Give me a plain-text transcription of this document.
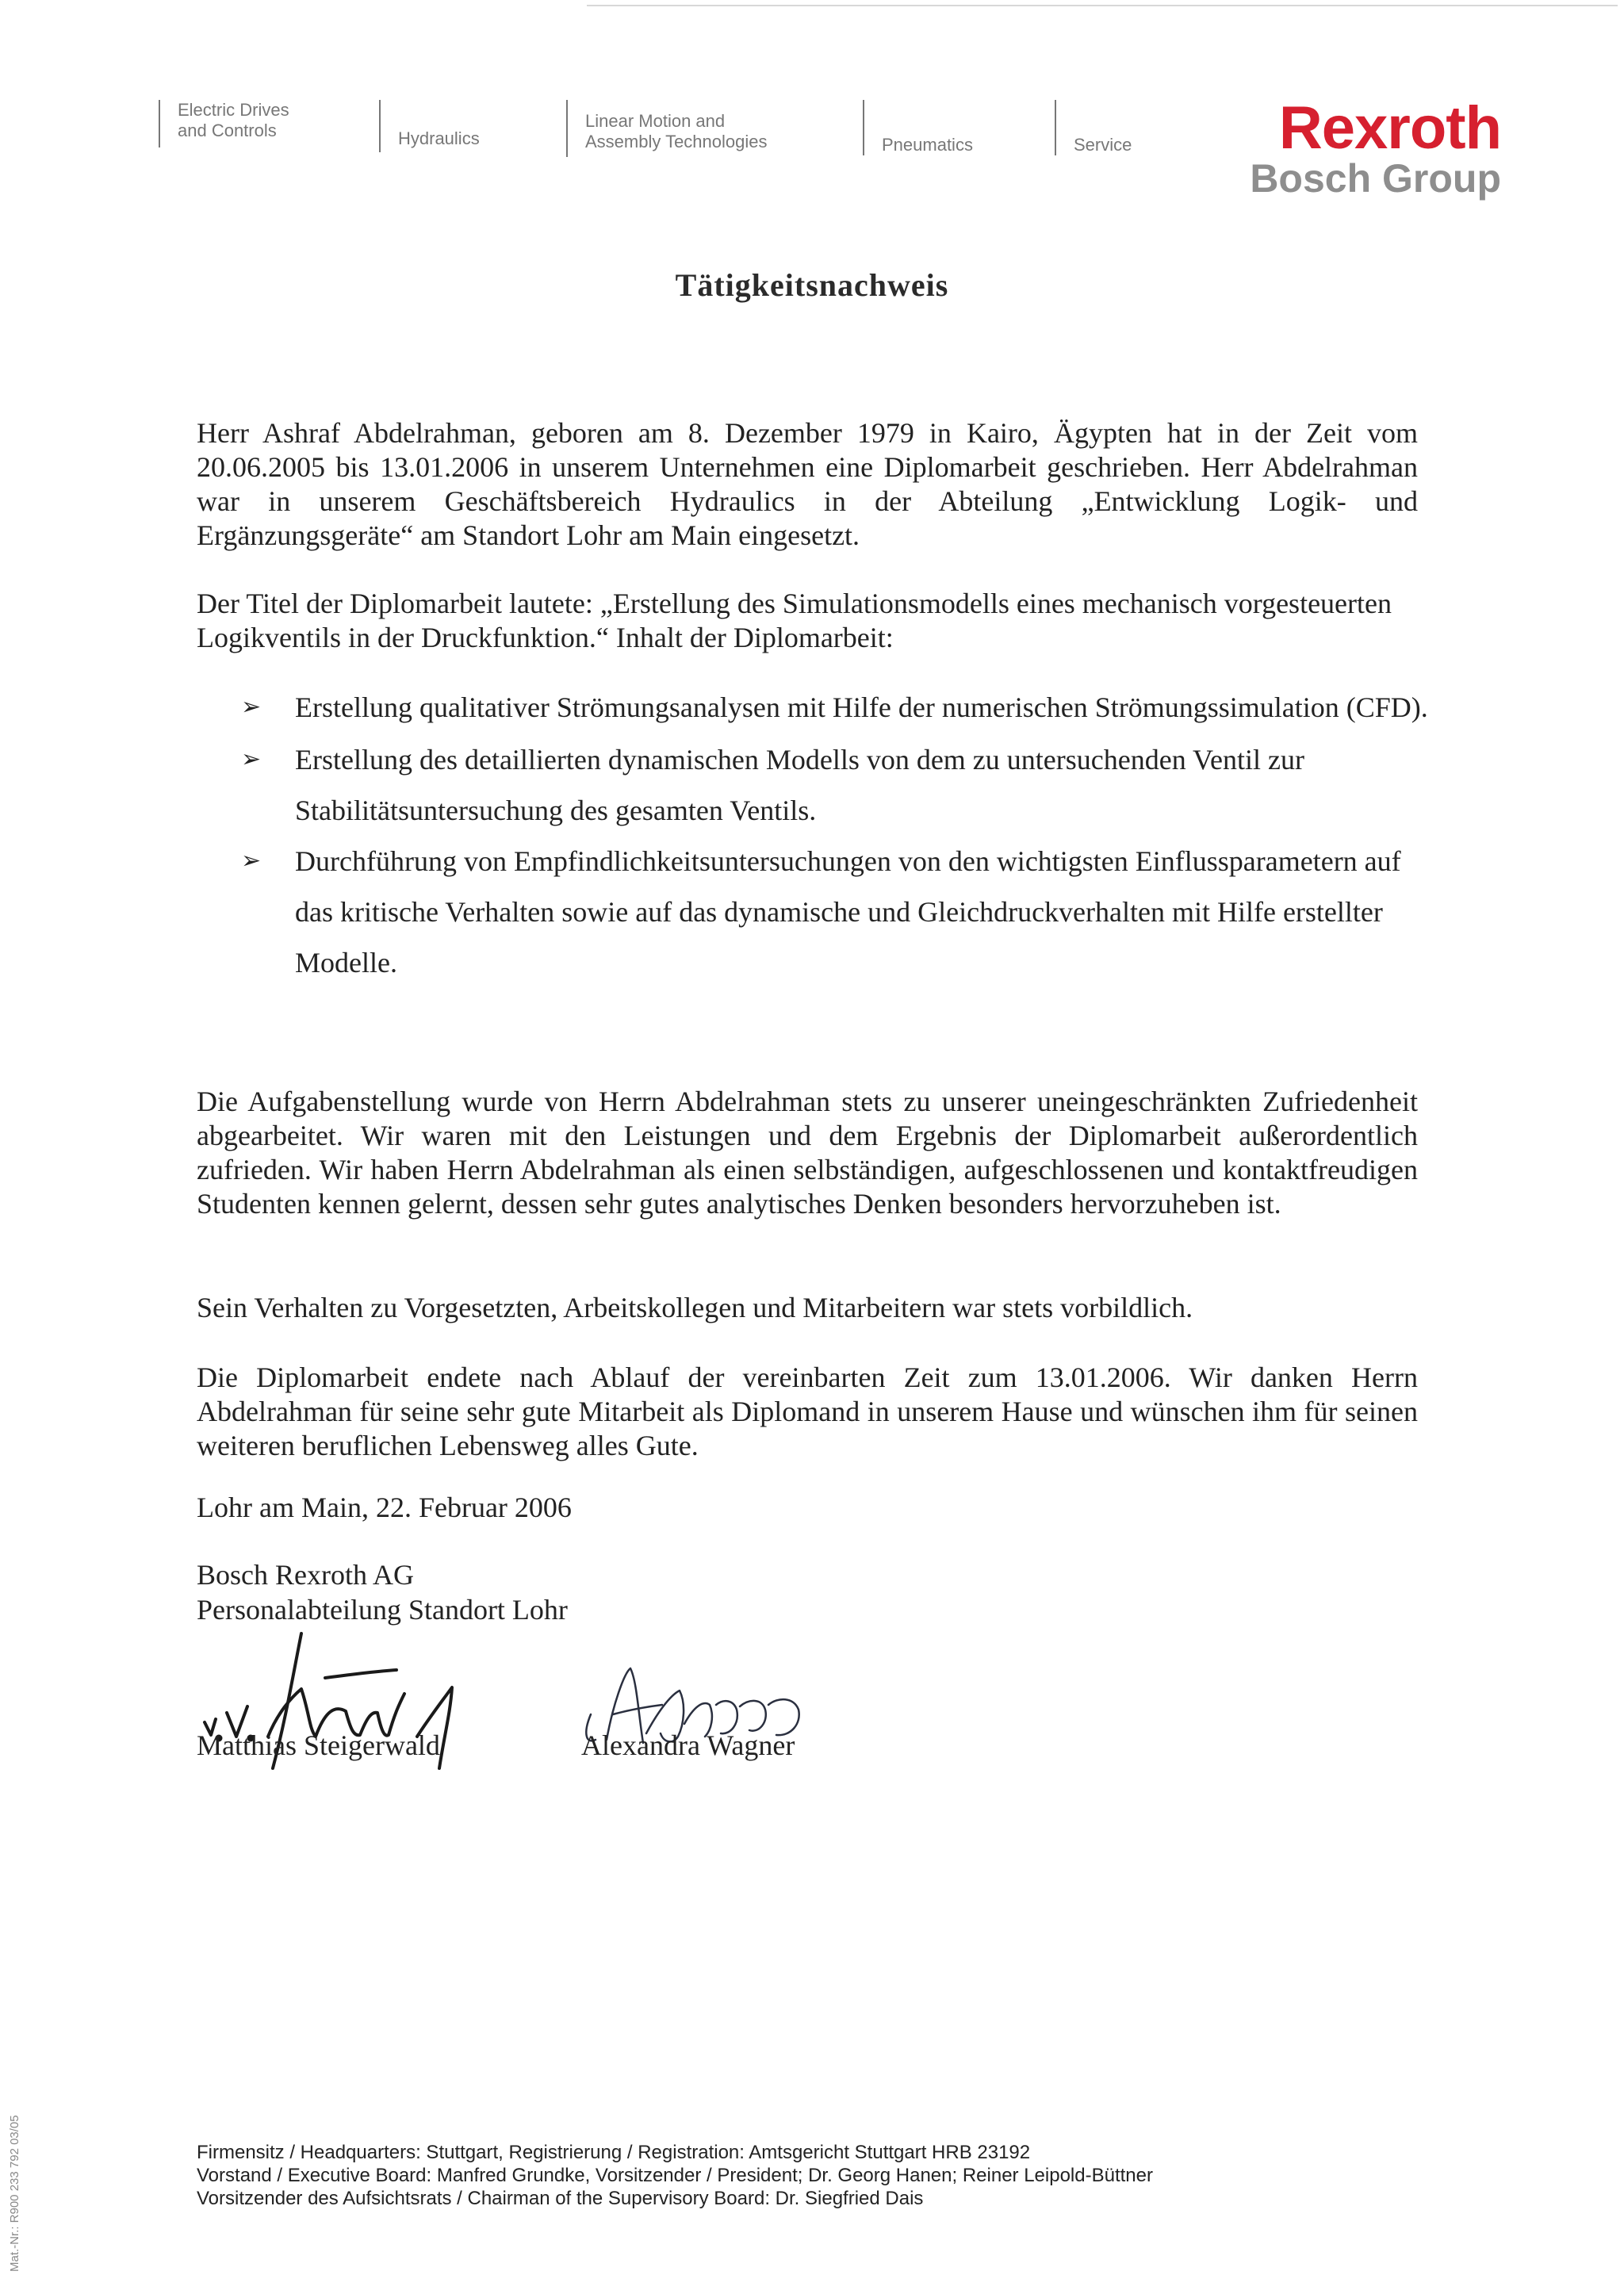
Electric Drives
and Controls	Hydraulics
Linear Motion and
Assembly Technologies	Pneumatics	Service	Rexroth
Bosch Group
Tätigkeitsnachweis

Herr Ashraf Abdelrahman, geboren am 8. Dezember 1979 in Kairo, Ägypten hat in der Zeit vom 20.06.2005 bis 13.01.2006 in unserem Unternehmen eine Diplomarbeit geschrieben. Herr Abdelrahman war in unserem Geschäftsbereich Hydraulics in der Abteilung „Entwicklung Logik- und Ergänzungsgeräte“ am Standort Lohr am Main eingesetzt.

Der Titel der Diplomarbeit lautete: „Erstellung des Simulationsmodells eines mechanisch vorgesteuerten Logikventils in der Druckfunktion.“ Inhalt der Diplomarbeit:

➢ Erstellung qualitativer Strömungsanalysen mit Hilfe der numerischen Strömungssimulation (CFD).
➢ Erstellung des detaillierten dynamischen Modells von dem zu untersuchenden Ventil zur Stabilitätsuntersuchung des gesamten Ventils.
➢ Durchführung von Empfindlichkeitsuntersuchungen von den wichtigsten Einflussparametern auf das kritische Verhalten sowie auf das dynamische und Gleichdruckverhalten mit Hilfe erstellter Modelle.

Die Aufgabenstellung wurde von Herrn Abdelrahman stets zu unserer uneingeschränkten Zufriedenheit abgearbeitet. Wir waren mit den Leistungen und dem Ergebnis der Diplomarbeit außerordentlich zufrieden. Wir haben Herrn Abdelrahman als einen selbständigen, aufgeschlossenen und kontaktfreudigen Studenten kennen gelernt, dessen sehr gutes analytisches Denken besonders hervorzuheben ist.

Sein Verhalten zu Vorgesetzten, Arbeitskollegen und Mitarbeitern war stets vorbildlich.

Die Diplomarbeit endete nach Ablauf der vereinbarten Zeit zum 13.01.2006. Wir danken Herrn Abdelrahman für seine sehr gute Mitarbeit als Diplomand in unserem Hause und wünschen ihm für seinen weiteren beruflichen Lebensweg alles Gute.

Lohr am Main, 22. Februar 2006

Bosch Rexroth AG

Personalabteilung Standort Lohr

Matthias Steigerwald	Alexandra Wagner
Mat.-Nr.: R900 233 792 03/05	Firmensitz / Headquarters: Stuttgart, Registrierung / Registration: Amtsgericht Stuttgart HRB 23192
Vorstand / Executive Board: Manfred Grundke, Vorsitzender / President; Dr. Georg Hanen; Reiner Leipold-Büttner
Vorsitzender des Aufsichtsrats / Chairman of the Supervisory Board: Dr. Siegfried Dais
